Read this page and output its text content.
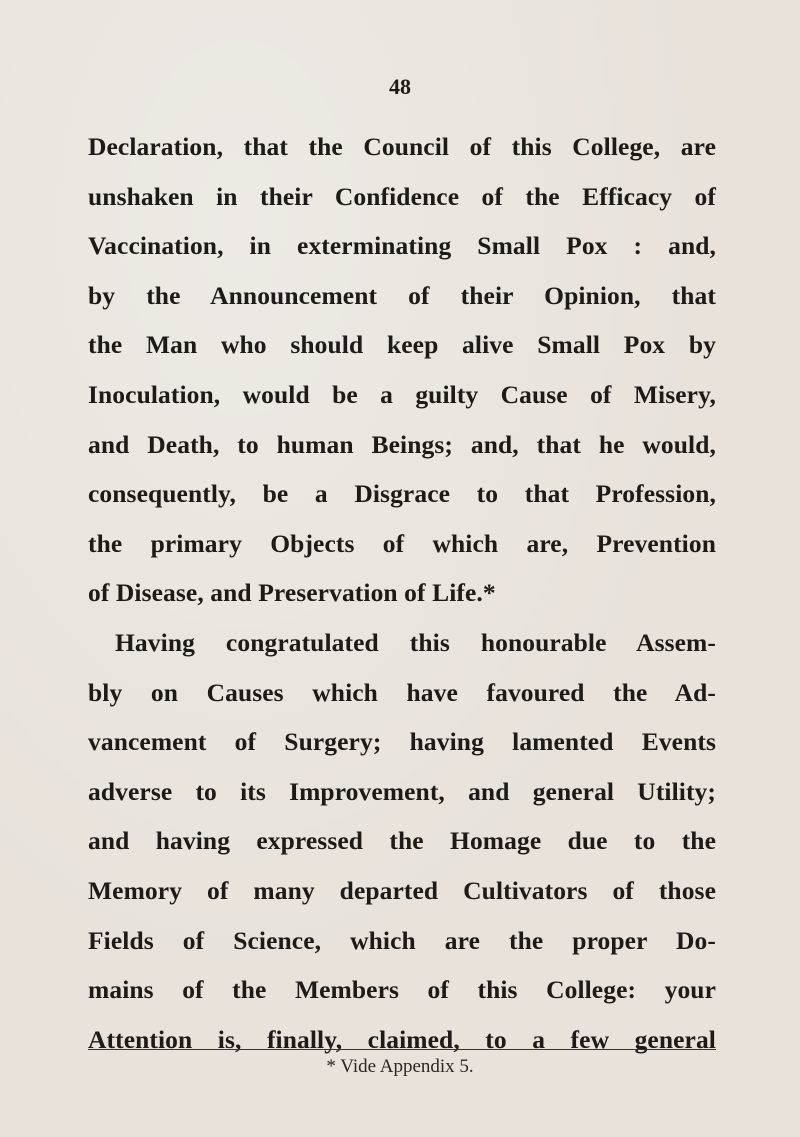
48
Declaration, that the Council of this College, are
unshaken in their Confidence of the Efficacy of
Vaccination, in exterminating Small Pox : and,
by the Announcement of their Opinion, that
the Man who should keep alive Small Pox by
Inoculation, would be a guilty Cause of Misery,
and Death, to human Beings; and, that he would,
consequently, be a Disgrace to that Profession,
the primary Objects of which are, Prevention
of Disease, and Preservation of Life.*
Having congratulated this honourable Assem-
bly on Causes which have favoured the Ad-
vancement of Surgery; having lamented Events
adverse to its Improvement, and general Utility;
and having expressed the Homage due to the
Memory of many departed Cultivators of those
Fields of Science, which are the proper Do-
mains of the Members of this College: your
Attention is, finally, claimed, to a few general
* Vide Appendix 5.
